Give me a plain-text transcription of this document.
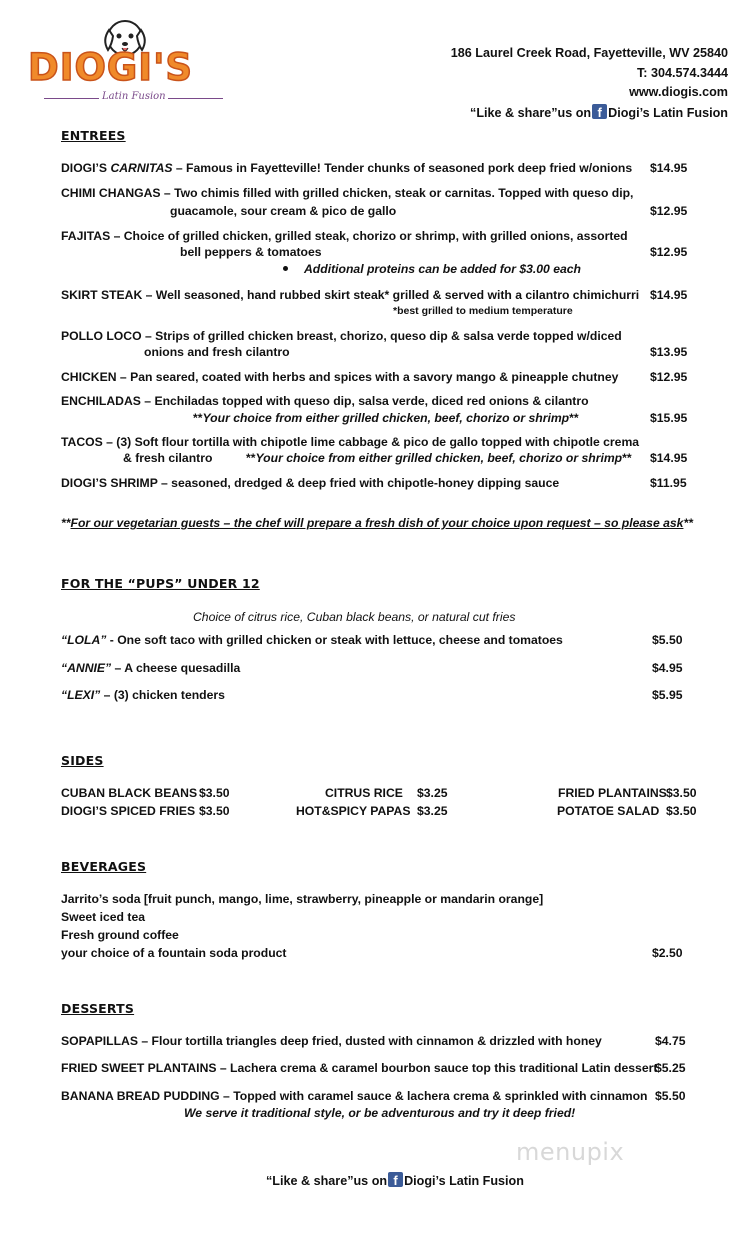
DIOGI'S
Latin Fusion
186 Laurel Creek Road, Fayetteville, WV 25840
T: 304.574.3444
www.diogis.com
“Like & share”us on f Diogi’s Latin Fusion
ENTREES
DIOGI’S CARNITAS – Famous in Fayetteville! Tender chunks of seasoned pork deep fried w/onions $14.95
CHIMI CHANGAS – Two chimis filled with grilled chicken, steak or carnitas. Topped with queso dip,
guacamole, sour cream & pico de gallo	$12.95
FAJITAS – Choice of grilled chicken, grilled steak, chorizo or shrimp, with grilled onions, assorted
bell peppers & tomatoes	$12.95
Additional proteins can be added for $3.00 each
SKIRT STEAK – Well seasoned, hand rubbed skirt steak* grilled & served with a cilantro chimichurri $14.95
*best grilled to medium temperature
POLLO LOCO – Strips of grilled chicken breast, chorizo, queso dip & salsa verde topped w/diced
onions and fresh cilantro	$13.95
CHICKEN – Pan seared, coated with herbs and spices with a savory mango & pineapple chutney	$12.95
ENCHILADAS – Enchiladas topped with queso dip, salsa verde, diced red onions & cilantro
**Your choice from either grilled chicken, beef, chorizo or shrimp**	$15.95
TACOS – (3) Soft flour tortilla with chipotle lime cabbage & pico de gallo topped with chipotle crema
& fresh cilantro	**Your choice from either grilled chicken, beef, chorizo or shrimp** $14.95
DIOGI’S SHRIMP – seasoned, dredged & deep fried with chipotle-honey dipping sauce	$11.95
**For our vegetarian guests – the chef will prepare a fresh dish of your choice upon request – so please ask**
FOR THE “PUPS” UNDER 12
Choice of citrus rice, Cuban black beans, or natural cut fries
“LOLA” - One soft taco with grilled chicken or steak with lettuce, cheese and tomatoes	$5.50
“ANNIE” – A cheese quesadilla	$4.95
“LEXI” – (3) chicken tenders	$5.95
SIDES
CUBAN BLACK BEANS $3.50	CITRUS RICE $3.25	FRIED PLANTAINS $3.50
DIOGI’S SPICED FRIES $3.50	HOT&SPICY PAPAS $3.25	POTATOE SALAD $3.50
BEVERAGES
Jarrito’s soda [fruit punch, mango, lime, strawberry, pineapple or mandarin orange]
Sweet iced tea
Fresh ground coffee
your choice of a fountain soda product	$2.50
DESSERTS
SOPAPILLAS – Flour tortilla triangles deep fried, dusted with cinnamon & drizzled with honey	$4.75
FRIED SWEET PLANTAINS – Lachera crema & caramel bourbon sauce top this traditional Latin dessert
$5.25
BANANA BREAD PUDDING – Topped with caramel sauce & lachera crema & sprinkled with cinnamon $5.50
We serve it traditional style, or be adventurous and try it deep fried!
menupix
“Like & share”us on f Diogi’s Latin Fusion
